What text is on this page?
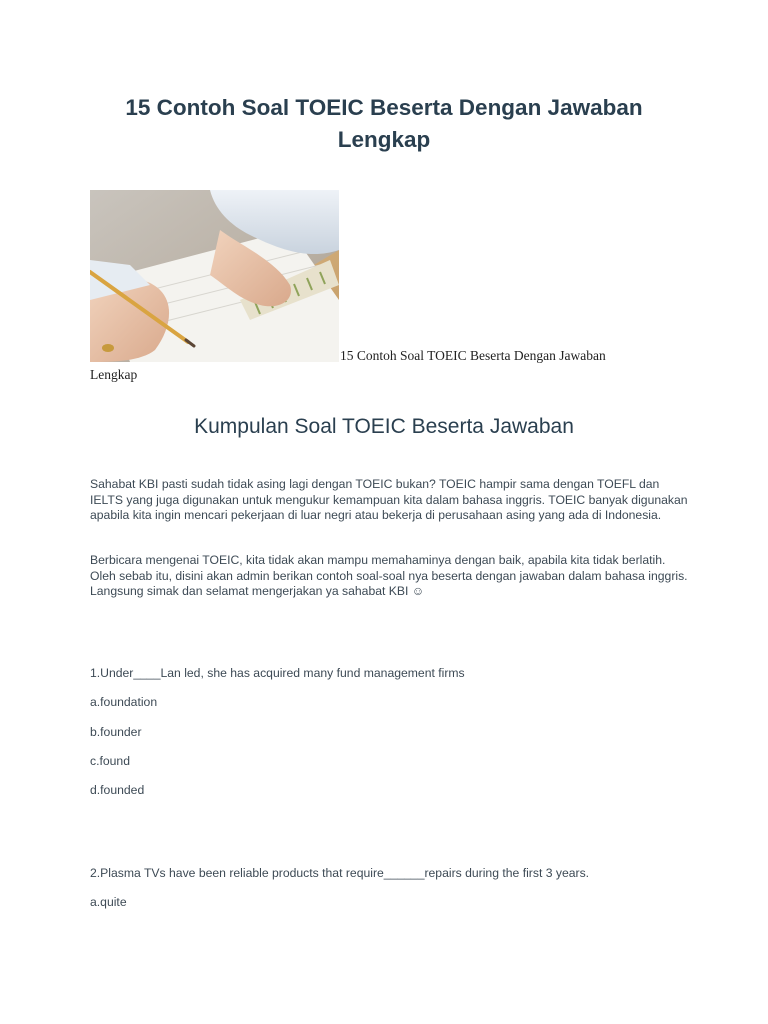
15 Contoh Soal TOEIC Beserta Dengan Jawaban Lengkap
15 Contoh Soal TOEIC Beserta Dengan Jawaban
Lengkap
Kumpulan Soal TOEIC Beserta Jawaban

Sahabat KBI pasti sudah tidak asing lagi dengan TOEIC bukan? TOEIC hampir sama dengan TOEFL dan IELTS yang juga digunakan untuk mengukur kemampuan kita dalam bahasa inggris. TOEIC banyak digunakan apabila kita ingin mencari pekerjaan di luar negri atau bekerja di perusahaan asing yang ada di Indonesia.

Berbicara mengenai TOEIC, kita tidak akan mampu memahaminya dengan baik, apabila kita tidak berlatih. Oleh sebab itu, disini akan admin berikan contoh soal-soal nya beserta dengan jawaban dalam bahasa inggris. Langsung simak dan selamat mengerjakan ya sahabat KBI ☺

1.Under____Lan led, she has acquired many fund management firms

a.foundation

b.founder

c.found

d.founded

2.Plasma TVs have been reliable products that require______repairs during the first 3 years.

a.quite
